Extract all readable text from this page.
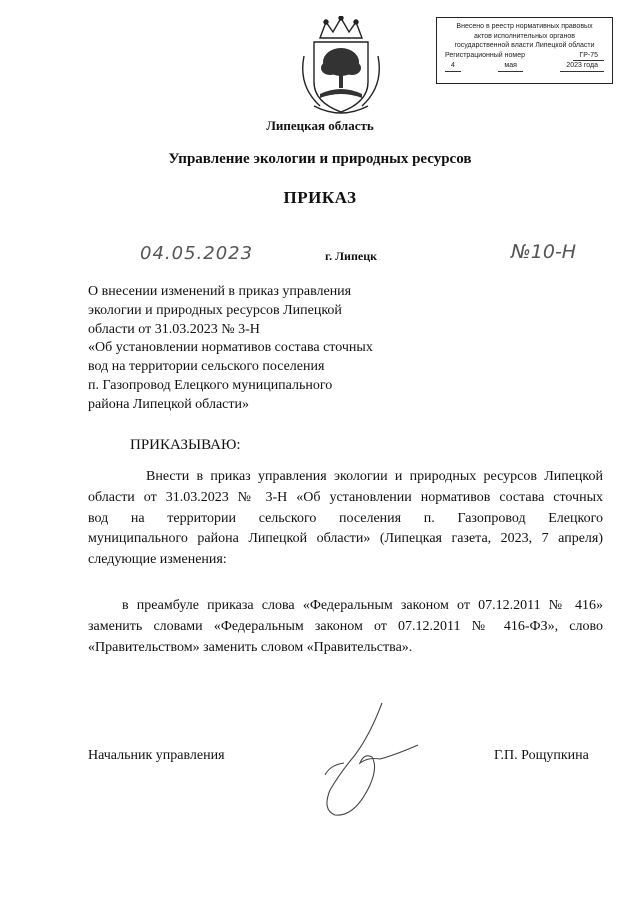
Внесено в реестр нормативных правовых
актов исполнительных органов
государственной власти Липецкой области
Регистрационный номер	ГР-75
4	мая	2023 года
Липецкая область
Управление экологии и природных ресурсов
ПРИКАЗ
04.05.2023	г. Липецк	№10-Н
О внесении изменений в приказ управления
экологии и природных ресурсов Липецкой
области от 31.03.2023 № 3-Н
«Об установлении нормативов состава сточных
вод на территории сельского поселения
п. Газопровод Елецкого муниципального
района Липецкой области»
ПРИКАЗЫВАЮ:
Внести в приказ управления экологии и природных ресурсов Липецкой
области от 31.03.2023 № 3-Н «Об установлении нормативов состава сточных
вод на территории сельского поселения п. Газопровод Елецкого
муниципального района Липецкой области» (Липецкая газета, 2023, 7 апреля)
следующие изменения:
в преамбуле приказа слова «Федеральным законом от 07.12.2011 № 416»
заменить словами «Федеральным законом от 07.12.2011 № 416-ФЗ», слово
«Правительством» заменить словом «Правительства».
Начальник управления	Г.П. Рощупкина
